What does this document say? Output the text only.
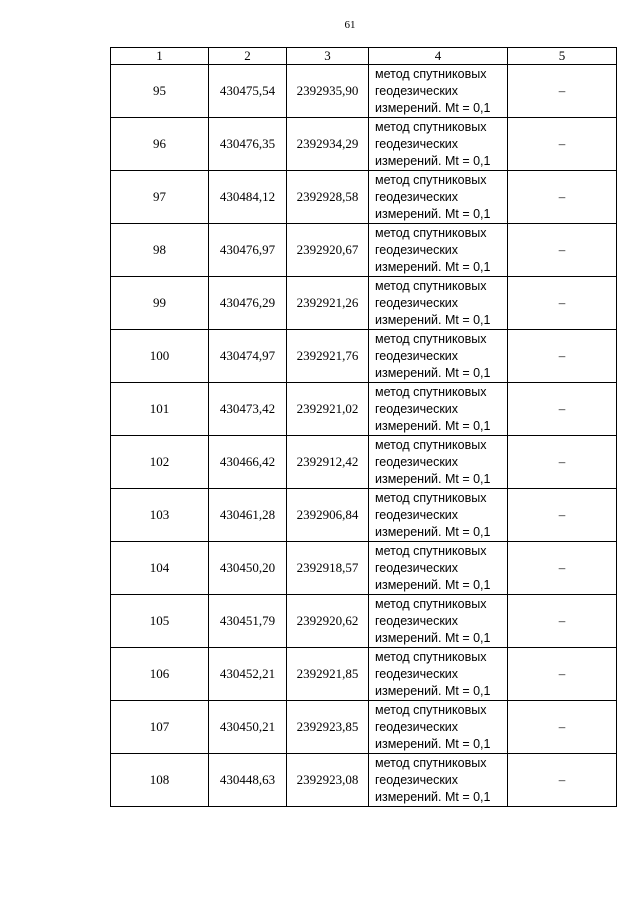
61
1	2	3	4	5
95	430475,54	2392935,90	метод спутниковых
геодезических
измерений. Mt = 0,1	–
96	430476,35	2392934,29	метод спутниковых
геодезических
измерений. Mt = 0,1	–
97	430484,12	2392928,58	метод спутниковых
геодезических
измерений. Mt = 0,1	–
98	430476,97	2392920,67	метод спутниковых
геодезических
измерений. Mt = 0,1	–
99	430476,29	2392921,26	метод спутниковых
геодезических
измерений. Mt = 0,1	–
100	430474,97	2392921,76	метод спутниковых
геодезических
измерений. Mt = 0,1	–
101	430473,42	2392921,02	метод спутниковых
геодезических
измерений. Mt = 0,1	–
102	430466,42	2392912,42	метод спутниковых
геодезических
измерений. Mt = 0,1	–
103	430461,28	2392906,84	метод спутниковых
геодезических
измерений. Mt = 0,1	–
104	430450,20	2392918,57	метод спутниковых
геодезических
измерений. Mt = 0,1	–
105	430451,79	2392920,62	метод спутниковых
геодезических
измерений. Mt = 0,1	–
106	430452,21	2392921,85	метод спутниковых
геодезических
измерений. Mt = 0,1	–
107	430450,21	2392923,85	метод спутниковых
геодезических
измерений. Mt = 0,1	–
108	430448,63	2392923,08	метод спутниковых
геодезических
измерений. Mt = 0,1	–
